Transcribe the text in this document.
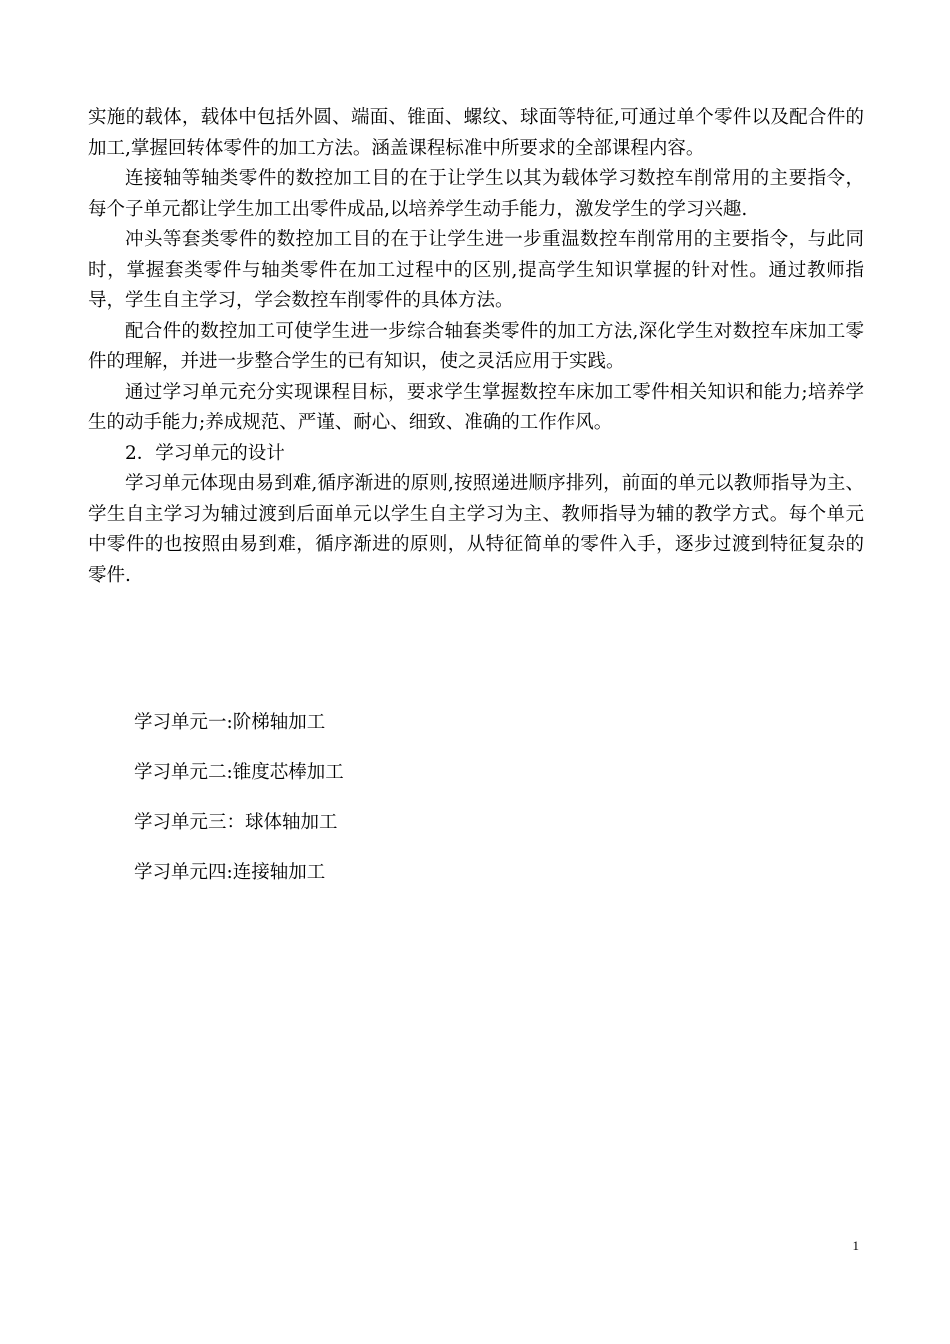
实施的载体，载体中包括外圆、端面、锥面、螺纹、球面等特征,可通过单个零件以及配合件的加工,掌握回转体零件的加工方法。涵盖课程标准中所要求的全部课程内容。

连接轴等轴类零件的数控加工目的在于让学生以其为载体学习数控车削常用的主要指令，每个子单元都让学生加工出零件成品,以培养学生动手能力，激发学生的学习兴趣.

冲头等套类零件的数控加工目的在于让学生进一步重温数控车削常用的主要指令，与此同时，掌握套类零件与轴类零件在加工过程中的区别,提高学生知识掌握的针对性。通过教师指导，学生自主学习，学会数控车削零件的具体方法。

配合件的数控加工可使学生进一步综合轴套类零件的加工方法,深化学生对数控车床加工零件的理解，并进一步整合学生的已有知识，使之灵活应用于实践。

通过学习单元充分实现课程目标，要求学生掌握数控车床加工零件相关知识和能力;培养学生的动手能力;养成规范、严谨、耐心、细致、准确的工作作风。

2．学习单元的设计

学习单元体现由易到难,循序渐进的原则,按照递进顺序排列，前面的单元以教师指导为主、学生自主学习为辅过渡到后面单元以学生自主学习为主、教师指导为辅的教学方式。每个单元中零件的也按照由易到难，循序渐进的原则，从特征简单的零件入手，逐步过渡到特征复杂的零件.

学习单元一:阶梯轴加工
学习单元二:锥度芯棒加工
学习单元三：球体轴加工
学习单元四:连接轴加工
1
